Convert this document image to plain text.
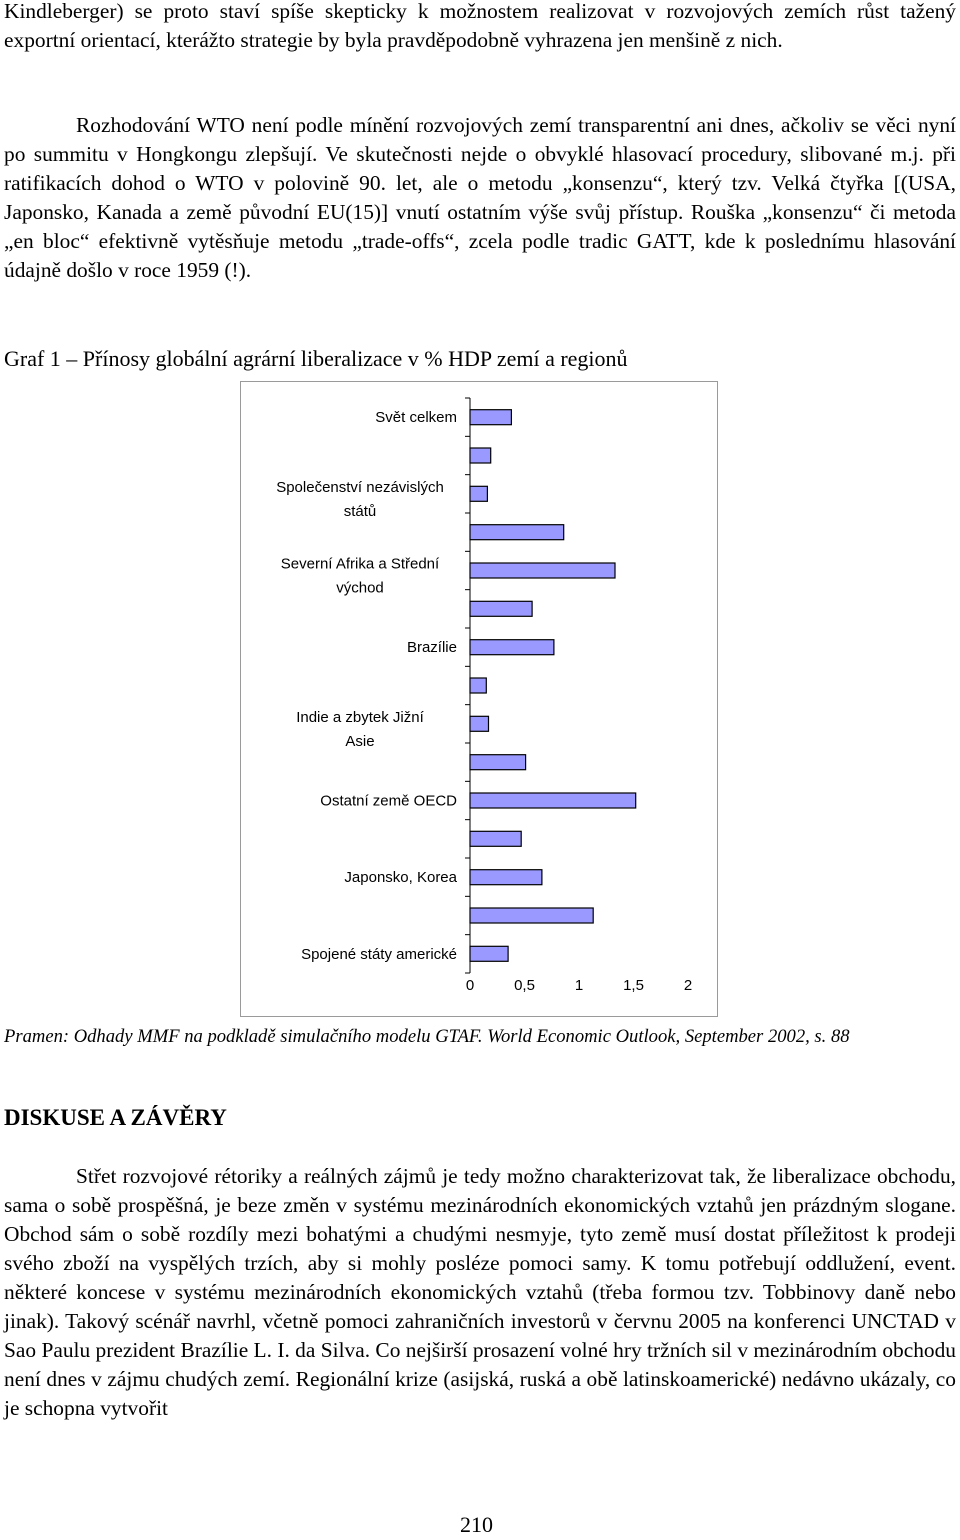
Kindleberger) se proto staví spíše skepticky k možnostem realizovat v rozvojových zemích růst tažený exportní orientací, kterážto strategie by byla pravděpodobně vyhrazena jen menšině z nich.

Rozhodování WTO není podle mínění rozvojových zemí transparentní ani dnes, ačkoliv se věci nyní po summitu v Hongkongu zlepšují. Ve skutečnosti nejde o obvyklé hlasovací procedury, slibované m.j. při ratifikacích dohod o WTO v polovině 90. let, ale o metodu „konsenzu“, který tzv. Velká čtyřka [(USA, Japonsko, Kanada a země původní EU(15)] vnutí ostatním výše svůj přístup. Rouška „konsenzu“ či metoda „en bloc“ efektivně vytěsňuje metodu „trade-offs“, zcela podle tradic GATT, kde k poslednímu hlasování údajně došlo v roce 1959 (!).

Graf 1 – Přínosy globální agrární liberalizace v % HDP zemí a regionů

Svět celkem
Společenství nezávislých států
Severní Afrika a Střední východ
Brazílie
Indie a zbytek Jižní Asie
Ostatní země OECD
Japonsko, Korea
Spojené státy americké
0	0,5	1	1,5	2

Pramen: Odhady MMF na podkladě simulačního modelu GTAF. World Economic Outlook, September 2002, s. 88

DISKUSE A ZÁVĚRY

Střet rozvojové rétoriky a reálných zájmů je tedy možno charakterizovat tak, že liberalizace obchodu, sama o sobě prospěšná, je beze změn v systému mezinárodních ekonomických vztahů jen prázdným slogane. Obchod sám o sobě rozdíly mezi bohatými a chudými nesmyje, tyto země musí dostat příležitost k prodeji svého zboží na vyspělých trzích, aby si mohly posléze pomoci samy. K tomu potřebují oddlužení, event. některé koncese v systému mezinárodních ekonomických vztahů (třeba formou tzv. Tobbinovy daně nebo jinak). Takový scénář navrhl, včetně pomoci zahraničních investorů v červnu 2005 na konferenci UNCTAD v Sao Paulu prezident Brazílie L. I. da Silva. Co nejširší prosazení volné hry tržních sil v mezinárodním obchodu není dnes v zájmu chudých zemí. Regionální krize (asijská, ruská a obě latinskoamerické) nedávno ukázaly, co je schopna vytvořit

210
